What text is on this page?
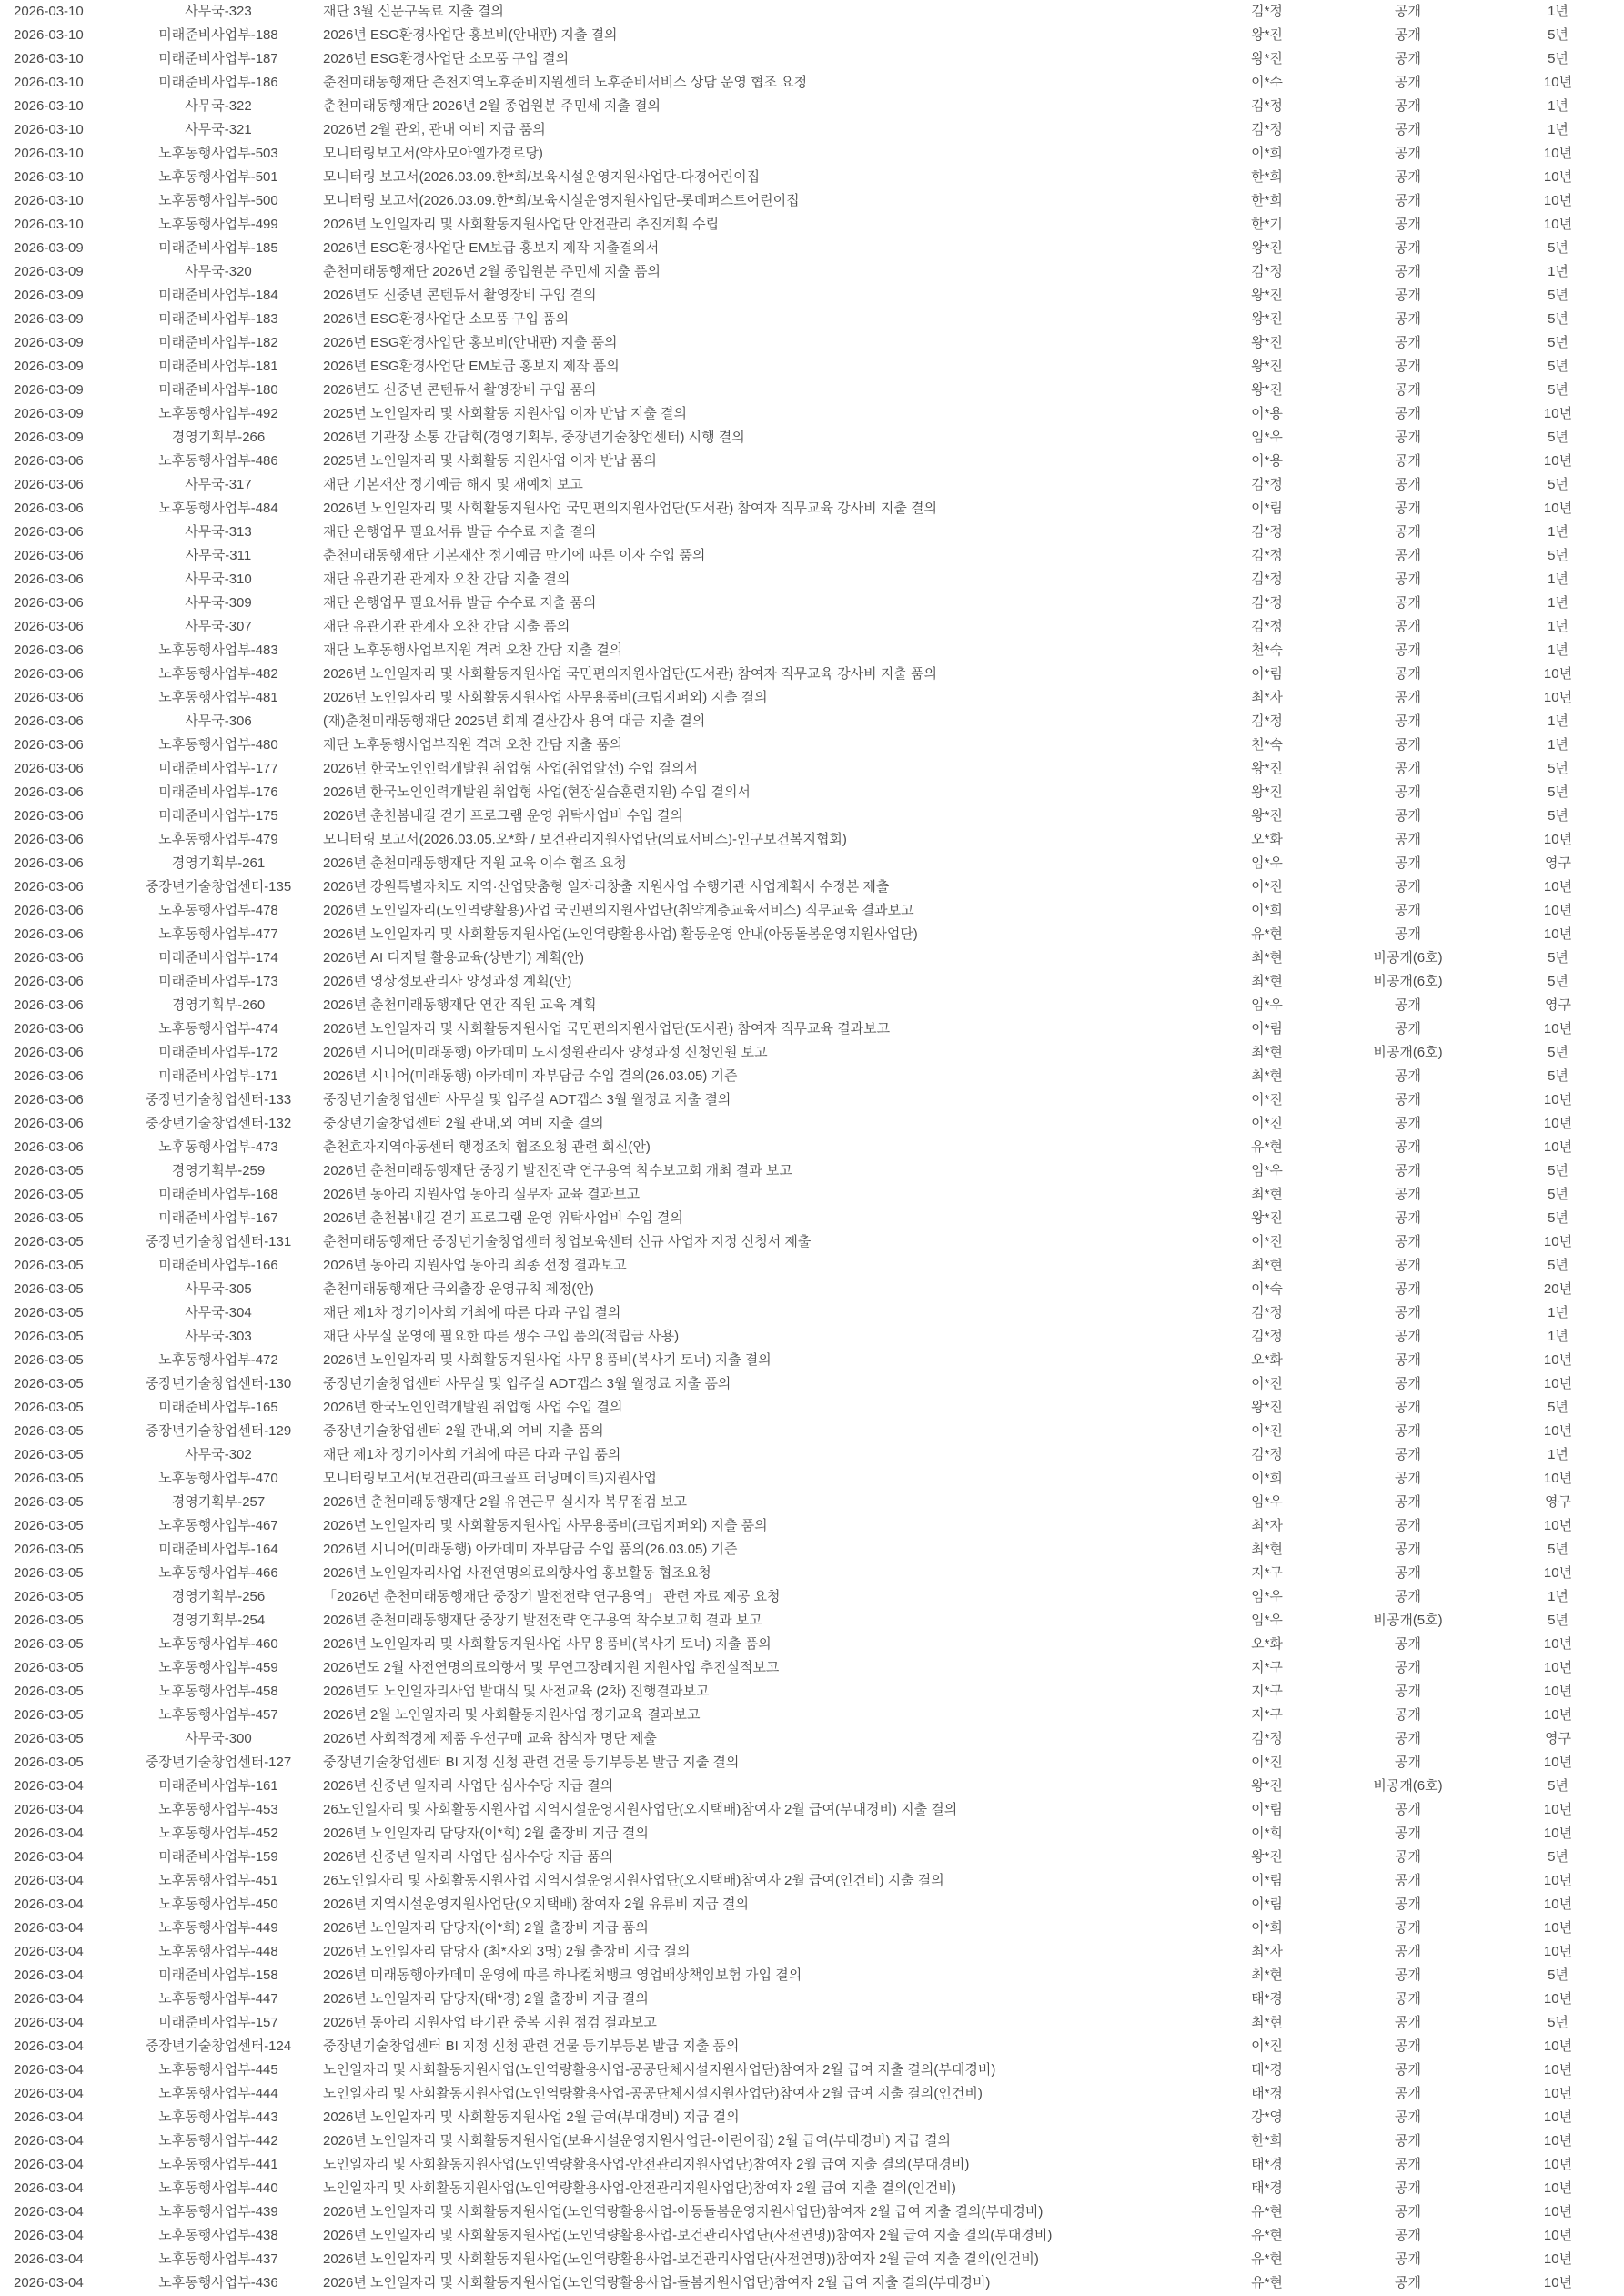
2026-03-10	사무국-323	재단 3월 신문구독료 지출 결의	김*정	공개	1년
2026-03-10	미래준비사업부-188	2026년 ESG환경사업단 홍보비(안내판) 지출 결의	왕*진	공개	5년
2026-03-10	미래준비사업부-187	2026년 ESG환경사업단 소모품 구입 결의	왕*진	공개	5년
2026-03-10	미래준비사업부-186	춘천미래동행재단 춘천지역노후준비지원센터 노후준비서비스 상담 운영 협조 요청	이*수	공개	10년
2026-03-10	사무국-322	춘천미래동행재단 2026년 2월 종업원분 주민세 지출 결의	김*정	공개	1년
2026-03-10	사무국-321	2026년 2월 관외, 관내 여비 지급 품의	김*정	공개	1년
2026-03-10	노후동행사업부-503	모니터링보고서(약사모아엘가경로당)	이*희	공개	10년
2026-03-10	노후동행사업부-501	모니터링 보고서(2026.03.09.한*희/보육시설운영지원사업단-다경어린이집	한*희	공개	10년
2026-03-10	노후동행사업부-500	모니터링 보고서(2026.03.09.한*희/보육시설운영지원사업단-롯데퍼스트어린이집	한*희	공개	10년
2026-03-10	노후동행사업부-499	2026년 노인일자리 및 사회활동지원사업단 안전관리 추진계획 수립	한*기	공개	10년
2026-03-09	미래준비사업부-185	2026년 ESG환경사업단 EM보급 홍보지 제작 지출결의서	왕*진	공개	5년
2026-03-09	사무국-320	춘천미래동행재단 2026년 2월 종업원분 주민세 지출 품의	김*정	공개	1년
2026-03-09	미래준비사업부-184	2026년도 신중년 콘텐듀서 촬영장비 구입 결의	왕*진	공개	5년
2026-03-09	미래준비사업부-183	2026년 ESG환경사업단 소모품 구입 품의	왕*진	공개	5년
2026-03-09	미래준비사업부-182	2026년 ESG환경사업단 홍보비(안내판) 지출 품의	왕*진	공개	5년
2026-03-09	미래준비사업부-181	2026년 ESG환경사업단 EM보급 홍보지 제작 품의	왕*진	공개	5년
2026-03-09	미래준비사업부-180	2026년도 신중년 콘텐듀서 촬영장비 구입 품의	왕*진	공개	5년
2026-03-09	노후동행사업부-492	2025년 노인일자리 및 사회활동 지원사업 이자 반납 지출 결의	이*용	공개	10년
2026-03-09	경영기획부-266	2026년 기관장 소통 간담회(경영기획부, 중장년기술창업센터) 시행 결의	임*우	공개	5년
2026-03-06	노후동행사업부-486	2025년 노인일자리 및 사회활동 지원사업 이자 반납 품의	이*용	공개	10년
2026-03-06	사무국-317	재단 기본재산 정기예금 해지 및 재예치 보고	김*정	공개	5년
2026-03-06	노후동행사업부-484	2026년 노인일자리 및 사회활동지원사업 국민편의지원사업단(도서관) 참여자 직무교육 강사비 지출 결의	이*림	공개	10년
2026-03-06	사무국-313	재단 은행업무 필요서류 발급 수수료 지출 결의	김*정	공개	1년
2026-03-06	사무국-311	춘천미래동행재단 기본재산 정기예금 만기에 따른 이자 수입 품의	김*정	공개	5년
2026-03-06	사무국-310	재단 유관기관 관계자 오찬 간담 지출 결의	김*정	공개	1년
2026-03-06	사무국-309	재단 은행업무 필요서류 발급 수수료 지출 품의	김*정	공개	1년
2026-03-06	사무국-307	재단 유관기관 관계자 오찬 간담 지출 품의	김*정	공개	1년
2026-03-06	노후동행사업부-483	재단 노후동행사업부직원 격려 오찬 간담 지출 결의	천*숙	공개	1년
2026-03-06	노후동행사업부-482	2026년 노인일자리 및 사회활동지원사업 국민편의지원사업단(도서관) 참여자 직무교육 강사비 지출 품의	이*림	공개	10년
2026-03-06	노후동행사업부-481	2026년 노인일자리 및 사회활동지원사업 사무용품비(크립지퍼외) 지출 결의	최*자	공개	10년
2026-03-06	사무국-306	(재)춘천미래동행재단 2025년 회계 결산감사 용역 대금 지출 결의	김*정	공개	1년
2026-03-06	노후동행사업부-480	재단 노후동행사업부직원 격려 오찬 간담 지출 품의	천*숙	공개	1년
2026-03-06	미래준비사업부-177	2026년 한국노인인력개발원 취업형 사업(취업알선) 수입 결의서	왕*진	공개	5년
2026-03-06	미래준비사업부-176	2026년 한국노인인력개발원 취업형 사업(현장실습훈련지원) 수입 결의서	왕*진	공개	5년
2026-03-06	미래준비사업부-175	2026년 춘천봄내길 걷기 프로그램 운영 위탁사업비 수입 결의	왕*진	공개	5년
2026-03-06	노후동행사업부-479	모니터링 보고서(2026.03.05.오*화 / 보건관리지원사업단(의료서비스)-인구보건복지협회)	오*화	공개	10년
2026-03-06	경영기획부-261	2026년 춘천미래동행재단 직원 교육 이수 협조 요청	임*우	공개	영구
2026-03-06	중장년기술창업센터-135	2026년 강원특별자치도 지역·산업맞춤형 일자리창출 지원사업 수행기관 사업계획서 수정본 제출	이*진	공개	10년
2026-03-06	노후동행사업부-478	2026년 노인일자리(노인역량활용)사업 국민편의지원사업단(취약계층교육서비스) 직무교육 결과보고	이*희	공개	10년
2026-03-06	노후동행사업부-477	2026년 노인일자리 및 사회활동지원사업(노인역량활용사업) 활동운영 안내(아동돌봄운영지원사업단)	유*현	공개	10년
2026-03-06	미래준비사업부-174	2026년 AI 디지털 활용교육(상반기) 계획(안)	최*현	비공개(6호)	5년
2026-03-06	미래준비사업부-173	2026년 영상정보관리사 양성과정 계획(안)	최*현	비공개(6호)	5년
2026-03-06	경영기획부-260	2026년 춘천미래동행재단 연간 직원 교육 계획	임*우	공개	영구
2026-03-06	노후동행사업부-474	2026년 노인일자리 및 사회활동지원사업 국민편의지원사업단(도서관) 참여자 직무교육 결과보고	이*림	공개	10년
2026-03-06	미래준비사업부-172	2026년 시니어(미래동행) 아카데미 도시정원관리사 양성과정 신청인원 보고	최*현	비공개(6호)	5년
2026-03-06	미래준비사업부-171	2026년 시니어(미래동행) 아카데미 자부담금 수입 결의(26.03.05) 기준	최*현	공개	5년
2026-03-06	중장년기술창업센터-133	중장년기술창업센터 사무실 및 입주실 ADT캡스 3월 월정료 지출 결의	이*진	공개	10년
2026-03-06	중장년기술창업센터-132	중장년기술창업센터 2월 관내,외 여비 지출 결의	이*진	공개	10년
2026-03-06	노후동행사업부-473	춘천효자지역아동센터 행정조치 협조요청 관련 회신(안)	유*현	공개	10년
2026-03-05	경영기획부-259	2026년 춘천미래동행재단 중장기 발전전략 연구용역 착수보고회 개최 결과 보고	임*우	공개	5년
2026-03-05	미래준비사업부-168	2026년 동아리 지원사업 동아리 실무자 교육 결과보고	최*현	공개	5년
2026-03-05	미래준비사업부-167	2026년 춘천봄내길 걷기 프로그램 운영 위탁사업비 수입 결의	왕*진	공개	5년
2026-03-05	중장년기술창업센터-131	춘천미래동행재단 중장년기술창업센터 창업보육센터 신규 사업자 지정 신청서 제출	이*진	공개	10년
2026-03-05	미래준비사업부-166	2026년 동아리 지원사업 동아리 최종 선정 결과보고	최*현	공개	5년
2026-03-05	사무국-305	춘천미래동행재단 국외출장 운영규칙 제정(안)	이*숙	공개	20년
2026-03-05	사무국-304	재단 제1차 정기이사회 개최에 따른 다과 구입 결의	김*정	공개	1년
2026-03-05	사무국-303	재단 사무실 운영에 필요한 따른 생수 구입 품의(적립금 사용)	김*정	공개	1년
2026-03-05	노후동행사업부-472	2026년 노인일자리 및 사회활동지원사업 사무용품비(복사기 토너) 지출 결의	오*화	공개	10년
2026-03-05	중장년기술창업센터-130	중장년기술창업센터 사무실 및 입주실 ADT캡스 3월 월정료 지출 품의	이*진	공개	10년
2026-03-05	미래준비사업부-165	2026년 한국노인인력개발원 취업형 사업 수입 결의	왕*진	공개	5년
2026-03-05	중장년기술창업센터-129	중장년기술창업센터 2월 관내,외 여비 지출 품의	이*진	공개	10년
2026-03-05	사무국-302	재단 제1차 정기이사회 개최에 따른 다과 구입 품의	김*정	공개	1년
2026-03-05	노후동행사업부-470	모니터링보고서(보건관리(파크골프 러닝메이트)지원사업	이*희	공개	10년
2026-03-05	경영기획부-257	2026년 춘천미래동행재단 2월 유연근무 실시자 복무점검 보고	임*우	공개	영구
2026-03-05	노후동행사업부-467	2026년 노인일자리 및 사회활동지원사업 사무용품비(크립지퍼외) 지출 품의	최*자	공개	10년
2026-03-05	미래준비사업부-164	2026년 시니어(미래동행) 아카데미 자부담금 수입 품의(26.03.05) 기준	최*현	공개	5년
2026-03-05	노후동행사업부-466	2026년 노인일자리사업 사전연명의료의향사업 홍보활동 협조요청	지*구	공개	10년
2026-03-05	경영기획부-256	「2026년 춘천미래동행재단 중장기 발전전략 연구용역」 관련 자료 제공 요청	임*우	공개	1년
2026-03-05	경영기획부-254	2026년 춘천미래동행재단 중장기 발전전략 연구용역 착수보고회 결과 보고	임*우	비공개(5호)	5년
2026-03-05	노후동행사업부-460	2026년 노인일자리 및 사회활동지원사업 사무용품비(복사기 토너) 지출 품의	오*화	공개	10년
2026-03-05	노후동행사업부-459	2026년도 2월 사전연명의료의향서 및 무연고장례지원 지원사업 추진실적보고	지*구	공개	10년
2026-03-05	노후동행사업부-458	2026년도 노인일자리사업 발대식 및 사전교육 (2차) 진행결과보고	지*구	공개	10년
2026-03-05	노후동행사업부-457	2026년 2월 노인일자리 및 사회활동지원사업 정기교육 결과보고	지*구	공개	10년
2026-03-05	사무국-300	2026년 사회적경제 제품 우선구매 교육 참석자 명단 제출	김*정	공개	영구
2026-03-05	중장년기술창업센터-127	중장년기술창업센터 BI 지정 신청 관련 건물 등기부등본 발급 지출 결의	이*진	공개	10년
2026-03-04	미래준비사업부-161	2026년 신중년 일자리 사업단 심사수당 지급 결의	왕*진	비공개(6호)	5년
2026-03-04	노후동행사업부-453	26노인일자리 및 사회활동지원사업 지역시설운영지원사업단(오지택배)참여자 2월 급여(부대경비) 지출 결의	이*림	공개	10년
2026-03-04	노후동행사업부-452	2026년 노인일자리 담당자(이*희) 2월 출장비 지급 결의	이*희	공개	10년
2026-03-04	미래준비사업부-159	2026년 신중년 일자리 사업단 심사수당 지급 품의	왕*진	공개	5년
2026-03-04	노후동행사업부-451	26노인일자리 및 사회활동지원사업 지역시설운영지원사업단(오지택배)참여자 2월 급여(인건비) 지출 결의	이*림	공개	10년
2026-03-04	노후동행사업부-450	2026년 지역시설운영지원사업단(오지택배) 참여자 2월 유류비 지급 결의	이*림	공개	10년
2026-03-04	노후동행사업부-449	2026년 노인일자리 담당자(이*희) 2월 출장비 지급 품의	이*희	공개	10년
2026-03-04	노후동행사업부-448	2026년 노인일자리 담당자 (최*자외 3명) 2월 출장비 지급 결의	최*자	공개	10년
2026-03-04	미래준비사업부-158	2026년 미래동행아카데미 운영에 따른 하나컬처뱅크 영업배상책임보험 가입 결의	최*현	공개	5년
2026-03-04	노후동행사업부-447	2026년 노인일자리 담당자(태*경) 2월 출장비 지급 결의	태*경	공개	10년
2026-03-04	미래준비사업부-157	2026년 동아리 지원사업 타기관 중복 지원 점검 결과보고	최*현	공개	5년
2026-03-04	중장년기술창업센터-124	중장년기술창업센터 BI 지정 신청 관련 건물 등기부등본 발급 지출 품의	이*진	공개	10년
2026-03-04	노후동행사업부-445	노인일자리 및 사회활동지원사업(노인역량활용사업-공공단체시설지원사업단)참여자 2월 급여 지출 결의(부대경비)	태*경	공개	10년
2026-03-04	노후동행사업부-444	노인일자리 및 사회활동지원사업(노인역량활용사업-공공단체시설지원사업단)참여자 2월 급여 지출 결의(인건비)	태*경	공개	10년
2026-03-04	노후동행사업부-443	2026년 노인일자리 및 사회활동지원사업 2월 급여(부대경비) 지급 결의	강*영	공개	10년
2026-03-04	노후동행사업부-442	2026년 노인일자리 및 사회활동지원사업(보육시설운영지원사업단-어린이집) 2월 급여(부대경비) 지급 결의	한*희	공개	10년
2026-03-04	노후동행사업부-441	노인일자리 및 사회활동지원사업(노인역량활용사업-안전관리지원사업단)참여자 2월 급여 지출 결의(부대경비)	태*경	공개	10년
2026-03-04	노후동행사업부-440	노인일자리 및 사회활동지원사업(노인역량활용사업-안전관리지원사업단)참여자 2월 급여 지출 결의(인건비)	태*경	공개	10년
2026-03-04	노후동행사업부-439	2026년 노인일자리 및 사회활동지원사업(노인역량활용사업-아동돌봄운영지원사업단)참여자 2월 급여 지출 결의(부대경비)	유*현	공개	10년
2026-03-04	노후동행사업부-438	2026년 노인일자리 및 사회활동지원사업(노인역량활용사업-보건관리사업단(사전연명))참여자 2월 급여 지출 결의(부대경비)	유*현	공개	10년
2026-03-04	노후동행사업부-437	2026년 노인일자리 및 사회활동지원사업(노인역량활용사업-보건관리사업단(사전연명))참여자 2월 급여 지출 결의(인건비)	유*현	공개	10년
2026-03-04	노후동행사업부-436	2026년 노인일자리 및 사회활동지원사업(노인역량활용사업-돌봄지원사업단)참여자 2월 급여 지출 결의(부대경비)	유*현	공개	10년
